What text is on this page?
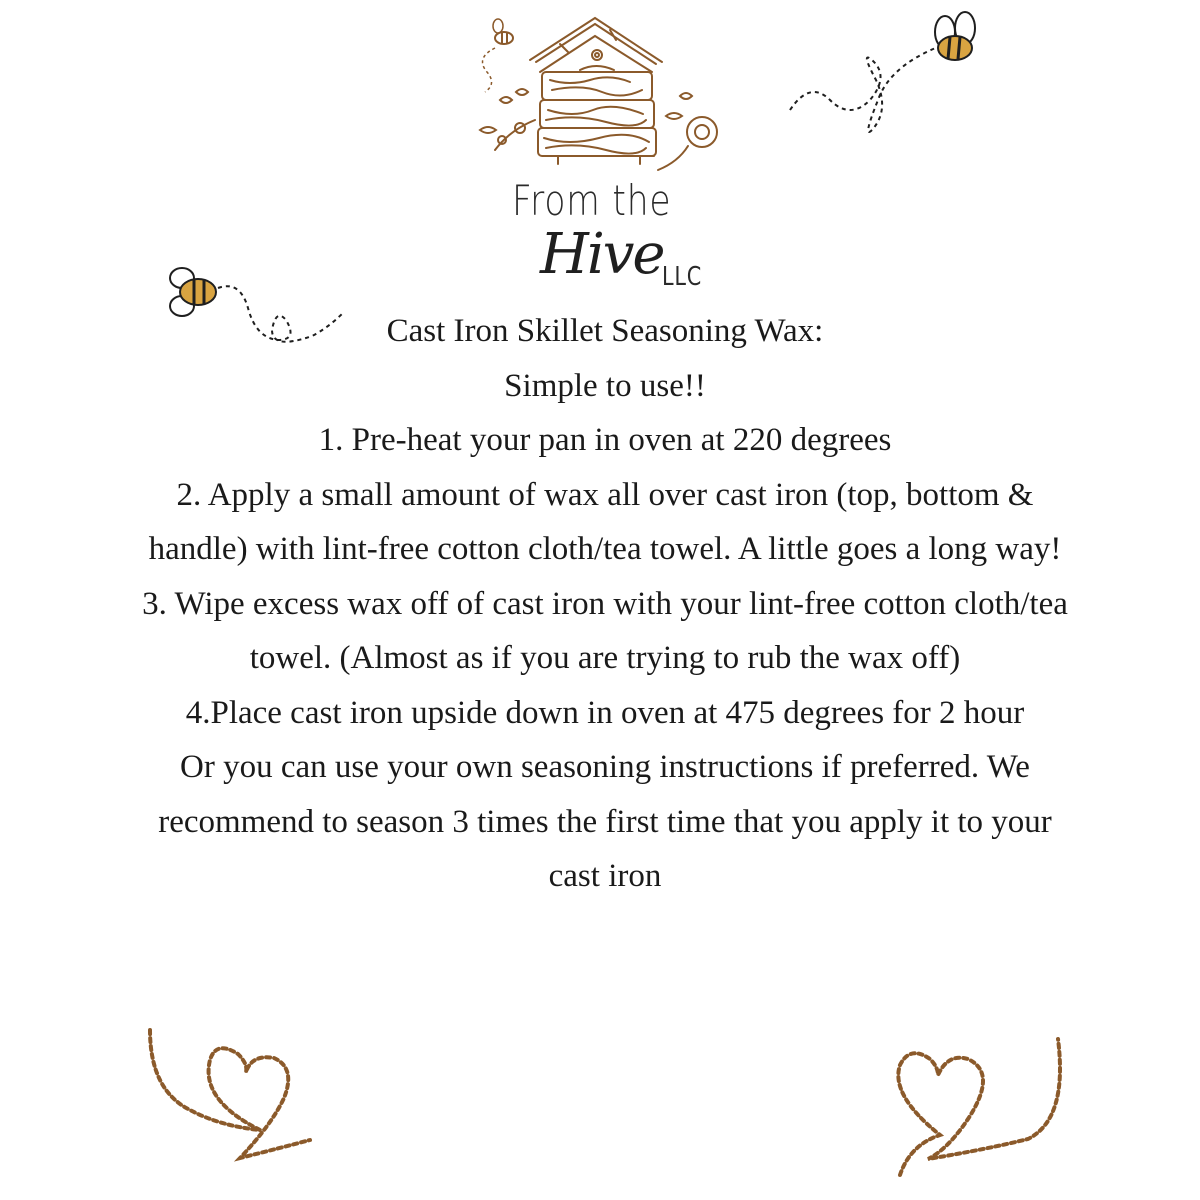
From the
Hive
LLC

Cast Iron Skillet Seasoning Wax:

Simple to use!!

1. Pre-heat your pan in oven at 220 degrees

2. Apply a small amount of wax all over cast iron (top, bottom & handle) with lint-free cotton cloth/tea towel. A little goes a long way!

3. Wipe excess wax off of cast iron with your lint-free cotton cloth/tea towel. (Almost as if you are trying to rub the wax off)

4.Place cast iron upside down in oven at 475 degrees for 2 hour

Or you can use your own seasoning instructions if preferred. We recommend to season 3 times the first time that you apply it to your cast iron
